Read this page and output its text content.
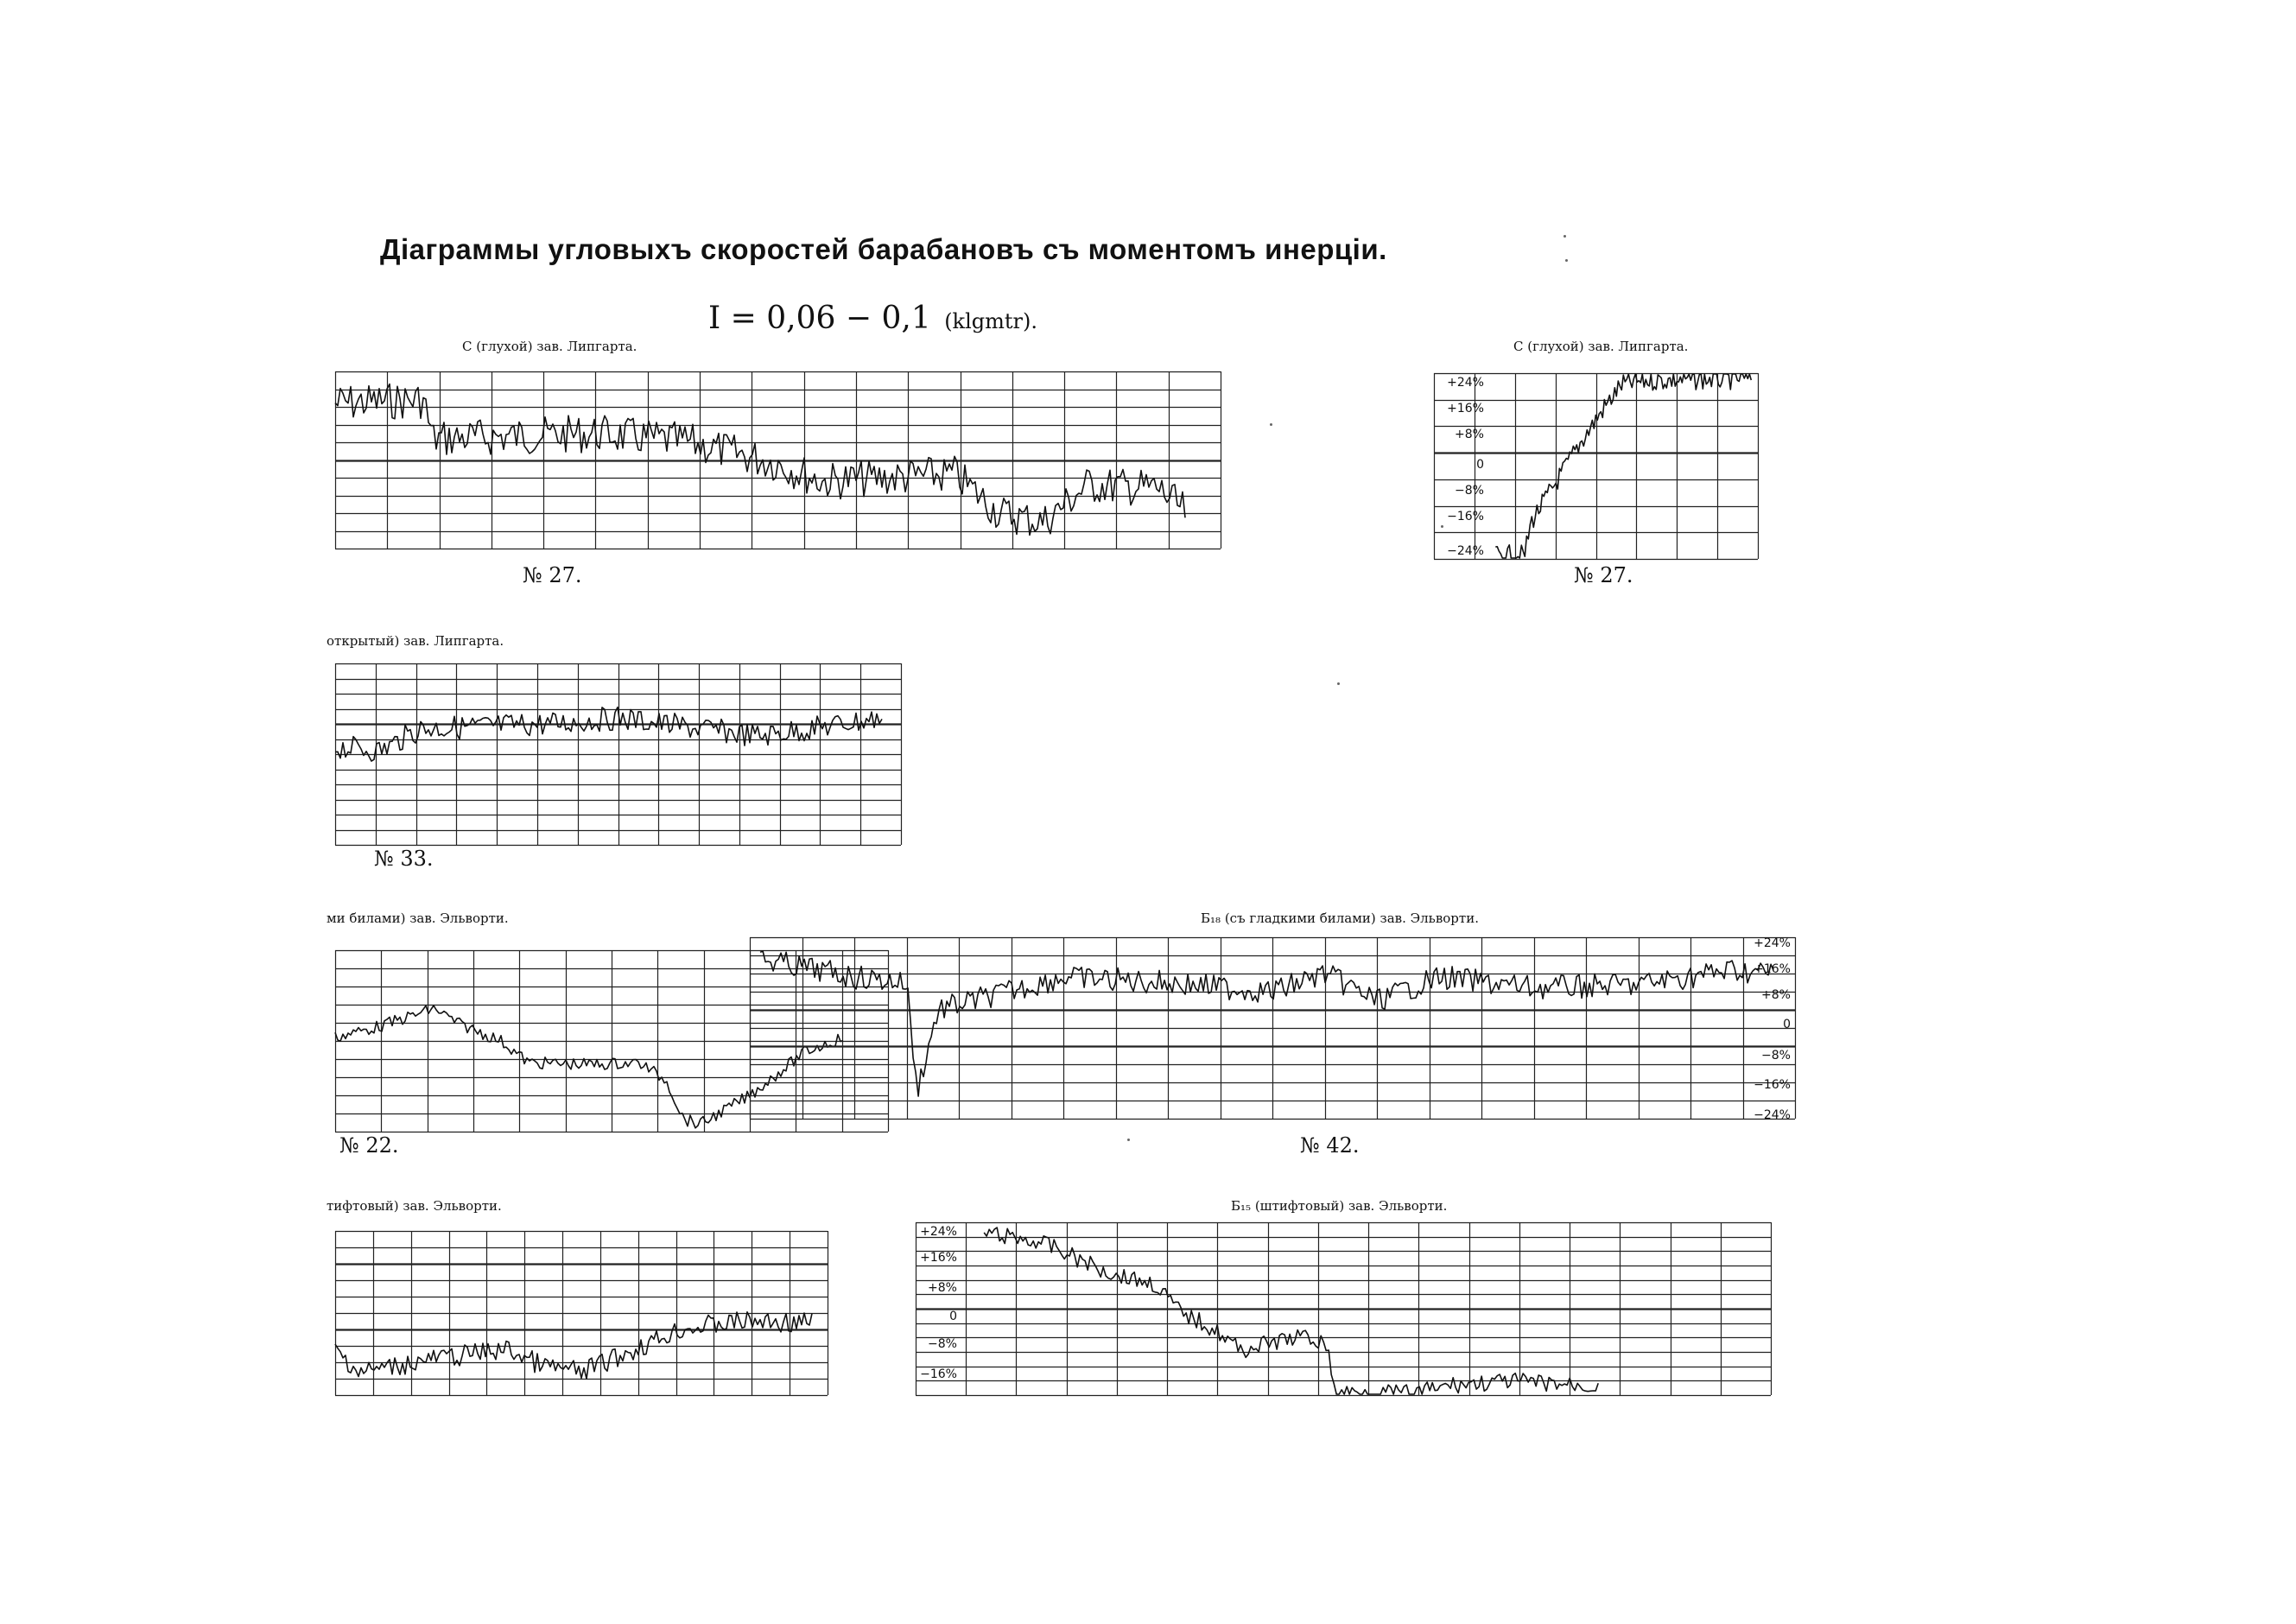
Діаграммы угловыхъ скоростей барабановъ съ моментомъ инерціи.
I = 0,06 − 0,1 (klgmtr).
С (глухой) зав. Липгарта.
№ 27.
С (глухой) зав. Липгарта.
+24%
+16%
+8%
0
−8%
−16%
−24%
№ 27.
открытый) зав. Липгарта.
№ 33.
ми билами) зав. Эльворти.
№ 22.
Б₁₈ (съ гладкими билами) зав. Эльворти.
+24%
+16%
+8%
0
−8%
−16%
−24%
№ 42.
тифтовый) зав. Эльворти.	Б₁₅ (штифтовый) зав. Эльворти.
+24%
+16%
+8%
0
−8%
−16%
